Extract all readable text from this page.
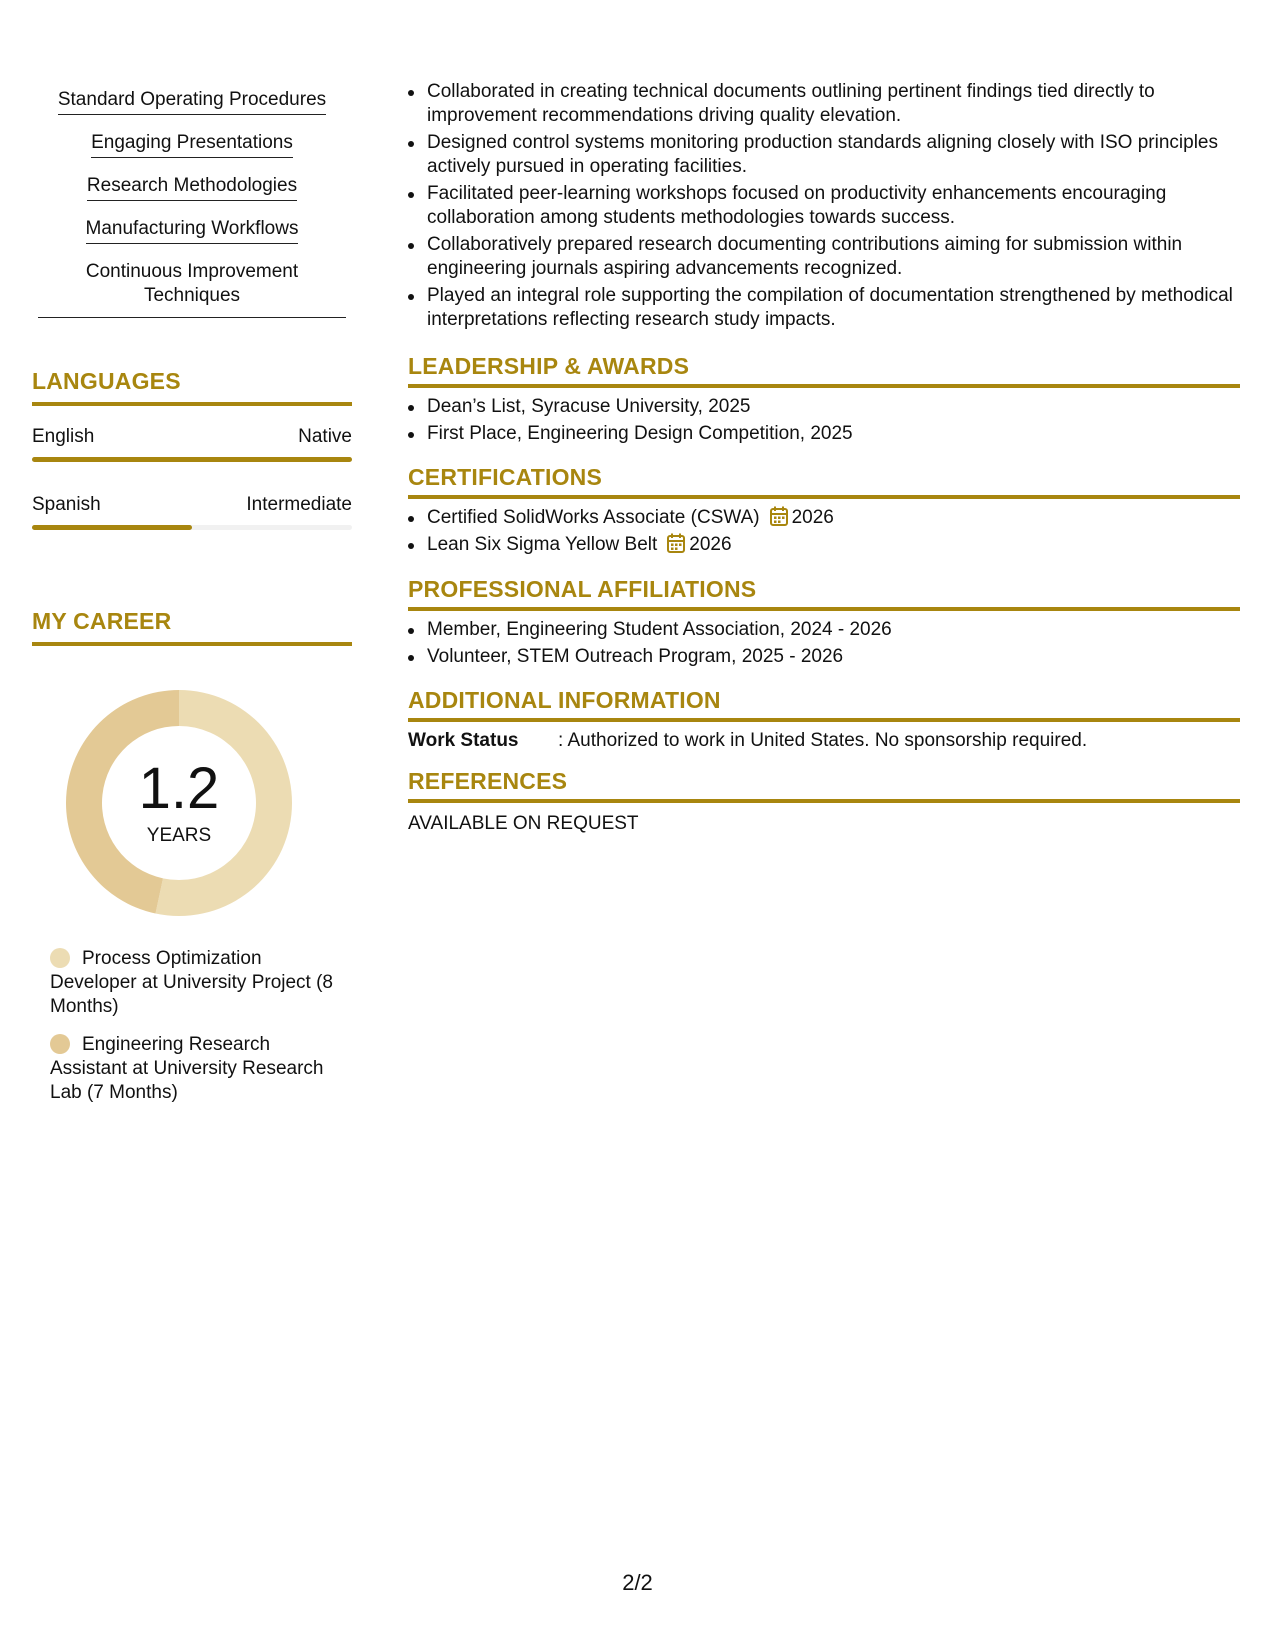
Standard Operating Procedures
Engaging Presentations
Research Methodologies
Manufacturing Workflows
Continuous Improvement Techniques
LANGUAGES
English	Native
Spanish	Intermediate
MY CAREER
1.2
YEARS
Process Optimization Developer at University Project (8 Months)
Engineering Research Assistant at University Research Lab (7 Months)
Collaborated in creating technical documents outlining pertinent findings tied directly to improvement recommendations driving quality elevation.
Designed control systems monitoring production standards aligning closely with ISO principles actively pursued in operating facilities.
Facilitated peer-learning workshops focused on productivity enhancements encouraging collaboration among students methodologies towards success.
Collaboratively prepared research documenting contributions aiming for submission within engineering journals aspiring advancements recognized.
Played an integral role supporting the compilation of documentation strengthened by methodical interpretations reflecting research study impacts.
LEADERSHIP & AWARDS
Dean’s List, Syracuse University, 2025
First Place, Engineering Design Competition, 2025
CERTIFICATIONS
Certified SolidWorks Associate (CSWA) 2026
Lean Six Sigma Yellow Belt 2026
PROFESSIONAL AFFILIATIONS
Member, Engineering Student Association, 2024 - 2026
Volunteer, STEM Outreach Program, 2025 - 2026
ADDITIONAL INFORMATION
Work Status : Authorized to work in United States. No sponsorship required.
REFERENCES
AVAILABLE ON REQUEST
2/2
